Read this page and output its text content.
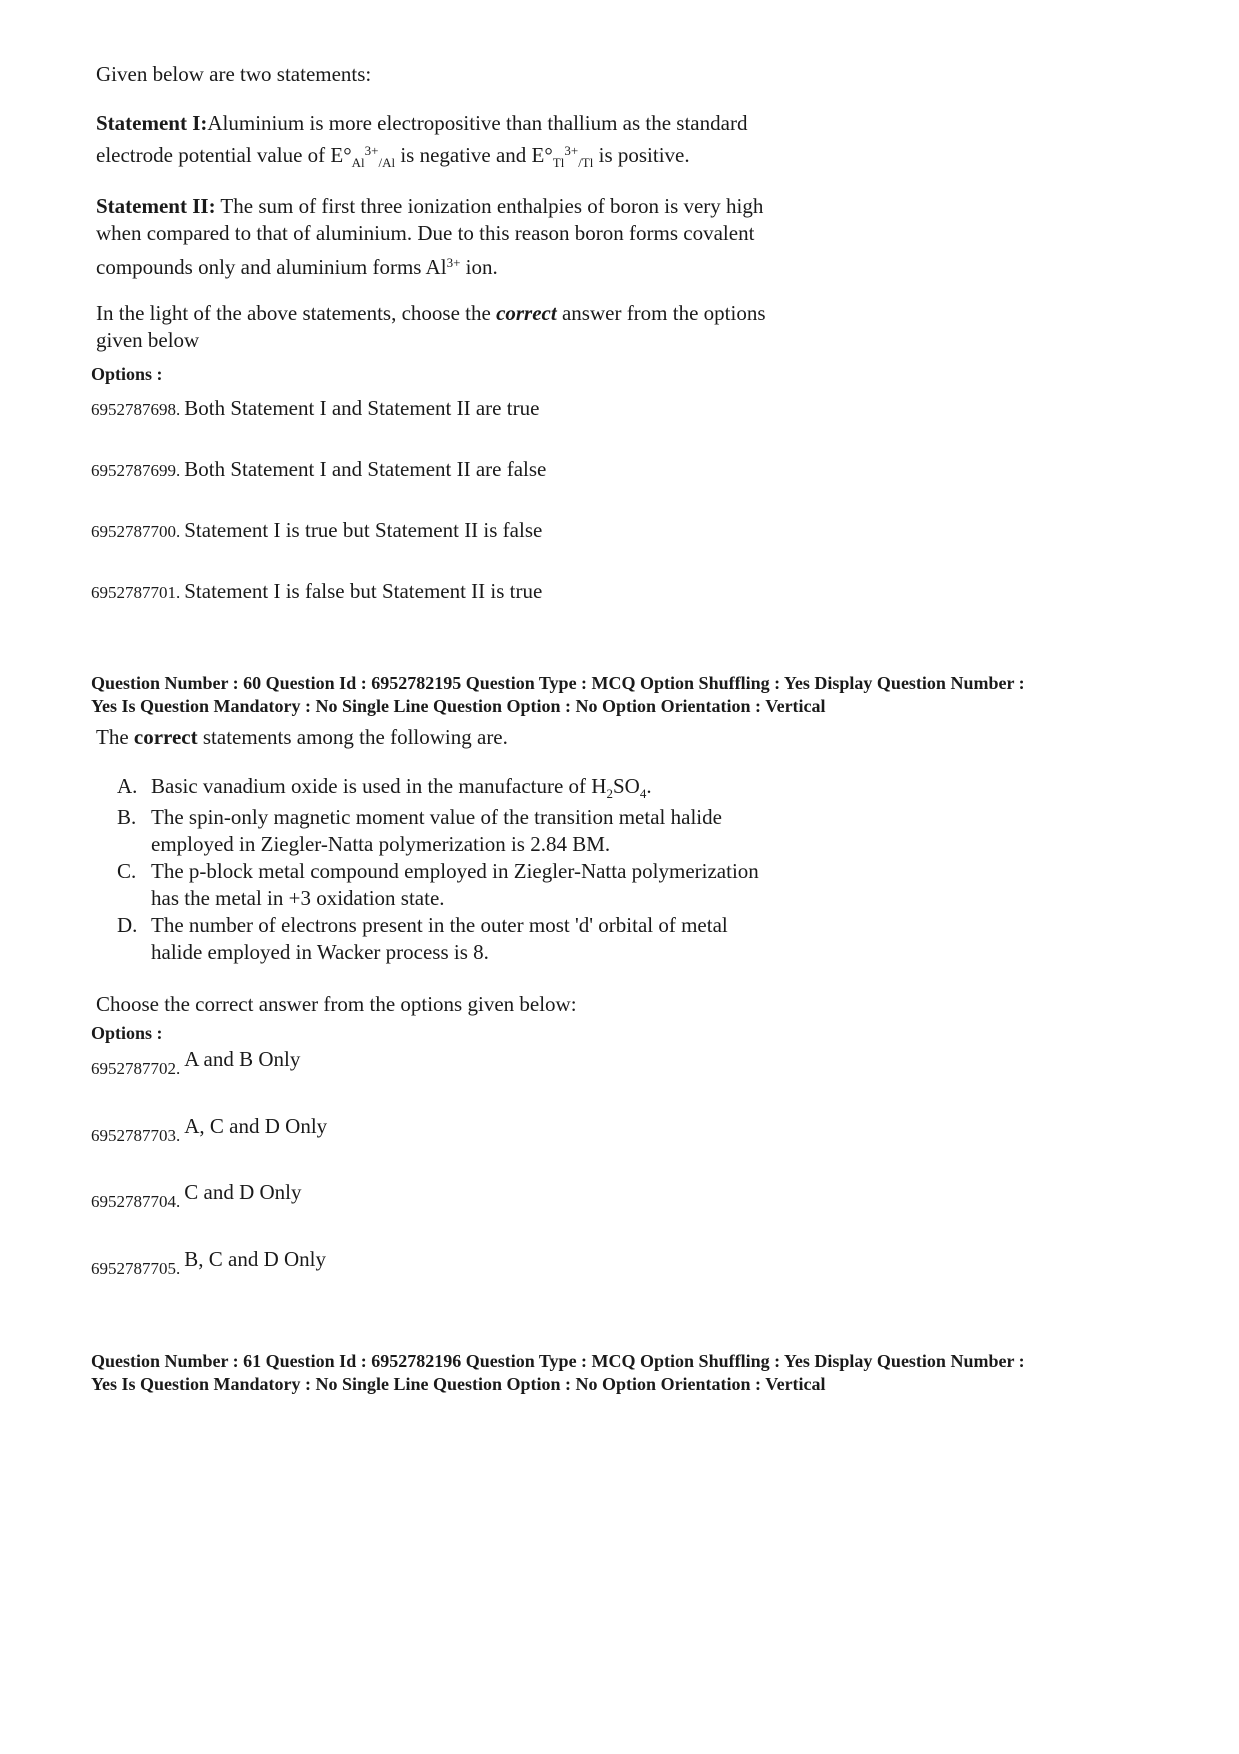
Given below are two statements:
Statement I:Aluminium is more electropositive than thallium as the standard
electrode potential value of $E^\circ_{Al}^{3+}_{/Al}$ is negative and $E^\circ_{Tl}^{3+}_{/Tl}$ is positive.
Statement II: The sum of first three ionization enthalpies of boron is very high
when compared to that of aluminium. Due to this reason boron forms covalent
compounds only and aluminium forms $Al^{3+}$ ion.
In the light of the above statements, choose the correct answer from the options
given below
Options :
6952787698. Both Statement I and Statement II are true
6952787699. Both Statement I and Statement II are false
6952787700. Statement I is true but Statement II is false
6952787701. Statement I is false but Statement II is true
Question Number : 60 Question Id : 6952782195 Question Type : MCQ Option Shuffling : Yes Display Question Number :
Yes Is Question Mandatory : No Single Line Question Option : No Option Orientation : Vertical
The correct statements among the following are.
A. Basic vanadium oxide is used in the manufacture of $H_2SO_4$.
B. The spin-only magnetic moment value of the transition metal halide
employed in Ziegler-Natta polymerization is 2.84 BM.
C. The p-block metal compound employed in Ziegler-Natta polymerization
has the metal in +3 oxidation state.
D. The number of electrons present in the outer most 'd' orbital of metal
halide employed in Wacker process is 8.
Choose the correct answer from the options given below:
Options :
6952787702. A and B Only
6952787703. A, C and D Only
6952787704. C and D Only
6952787705. B, C and D Only
Question Number : 61 Question Id : 6952782196 Question Type : MCQ Option Shuffling : Yes Display Question Number :
Yes Is Question Mandatory : No Single Line Question Option : No Option Orientation : Vertical
